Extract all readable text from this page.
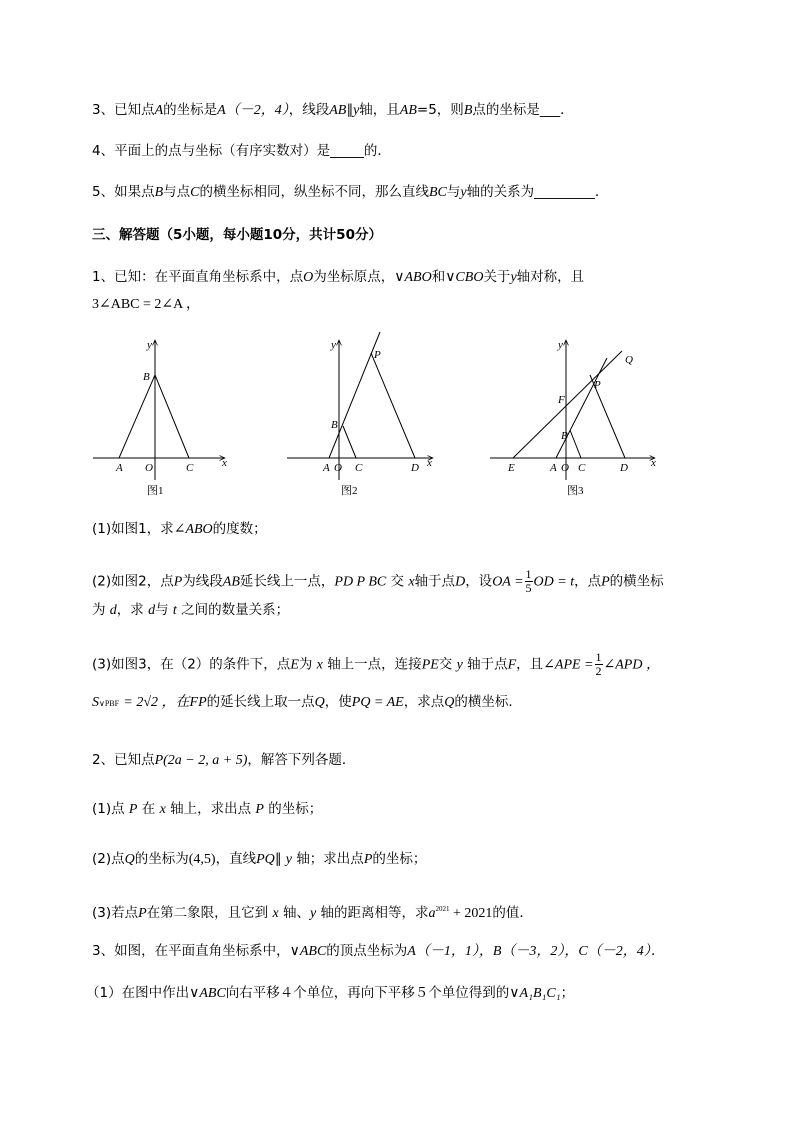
3、已知点A的坐标是A（－2，4），线段AB∥y轴，且AB=5，则B点的坐标是___．
4、平面上的点与坐标（有序实数对）是_____的．
5、如果点B与点C的横坐标相同，纵坐标不同，那么直线BC与y轴的关系为_________．
三、解答题（5小题，每小题10分，共计50分）
1、已知：在平面直角坐标系中，点O为坐标原点，∨ABO和∨CBO关于y轴对称，且
3∠ABC = 2∠A ，
y
B
A O	C	x
y
P
B
A O C	D x
y
Q
P
F
B
E	A O C	D x
图1	图2	图3
(1)如图1，求∠ABO的度数；
(2)如图2，点P为线段AB延长线上一点，PD P BC 交 x轴于点D，设OA = $\frac{1}{5}$ OD = t，点P的横坐标
为 d，求 d与 t 之间的数量关系；
(3)如图3，在（2）的条件下，点E为 x 轴上一点，连接PE交 y 轴于点F，且∠APE = $\frac{1}{2}$ ∠APD ，
S∨PBF = 2√2 ，在FP的延长线上取一点Q，使PQ = AE，求点Q的横坐标．
2、已知点P(2a − 2, a + 5)，解答下列各题．
(1)点 P 在 x 轴上，求出点 P 的坐标；
(2)点Q的坐标为(4,5)，直线PQ∥ y 轴；求出点P的坐标；
(3)若点P在第二象限，且它到 x 轴、y 轴的距离相等，求$a^{2021} + 2021$的值．
3、如图，在平面直角坐标系中，∨ABC的顶点坐标为A（－1，1），B（－3，2），C（－2，4）．
（1）在图中作出∨ABC向右平移４个单位，再向下平移５个单位得到的∨A₁B₁C₁；
